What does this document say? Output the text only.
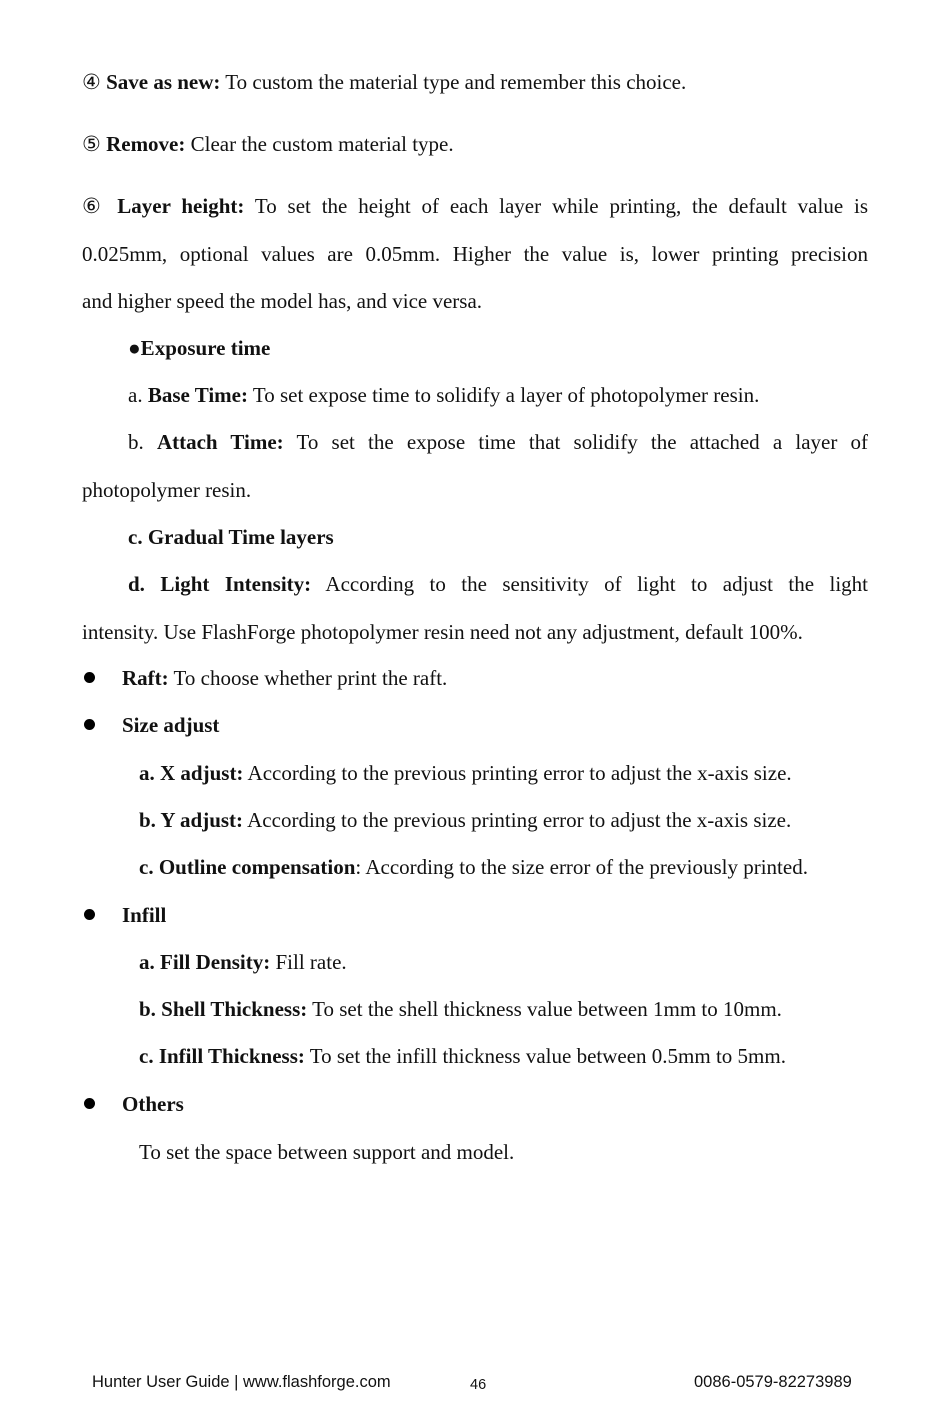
④ Save as new: To custom the material type and remember this choice.
⑤ Remove: Clear the custom material type.
⑥ Layer height: To set the height of each layer while printing, the default value is
0.025mm, optional values are 0.05mm. Higher the value is, lower printing precision
and higher speed the model has, and vice versa.
●Exposure time
a. Base Time: To set expose time to solidify a layer of photopolymer resin.
b. Attach Time: To set the expose time that solidify the attached a layer of
photopolymer resin.
c. Gradual Time layers
d. Light Intensity: According to the sensitivity of light to adjust the light
intensity. Use FlashForge photopolymer resin need not any adjustment, default 100%.
Raft: To choose whether print the raft.
Size adjust
a. X adjust: According to the previous printing error to adjust the x-axis size.
b. Y adjust: According to the previous printing error to adjust the x-axis size.
c. Outline compensation: According to the size error of the previously printed.
Infill
a. Fill Density: Fill rate.
b. Shell Thickness: To set the shell thickness value between 1mm to 10mm.
c. Infill Thickness: To set the infill thickness value between 0.5mm to 5mm.
Others
To set the space between support and model.
Hunter User Guide | www.flashforge.com	46	0086-0579-82273989
